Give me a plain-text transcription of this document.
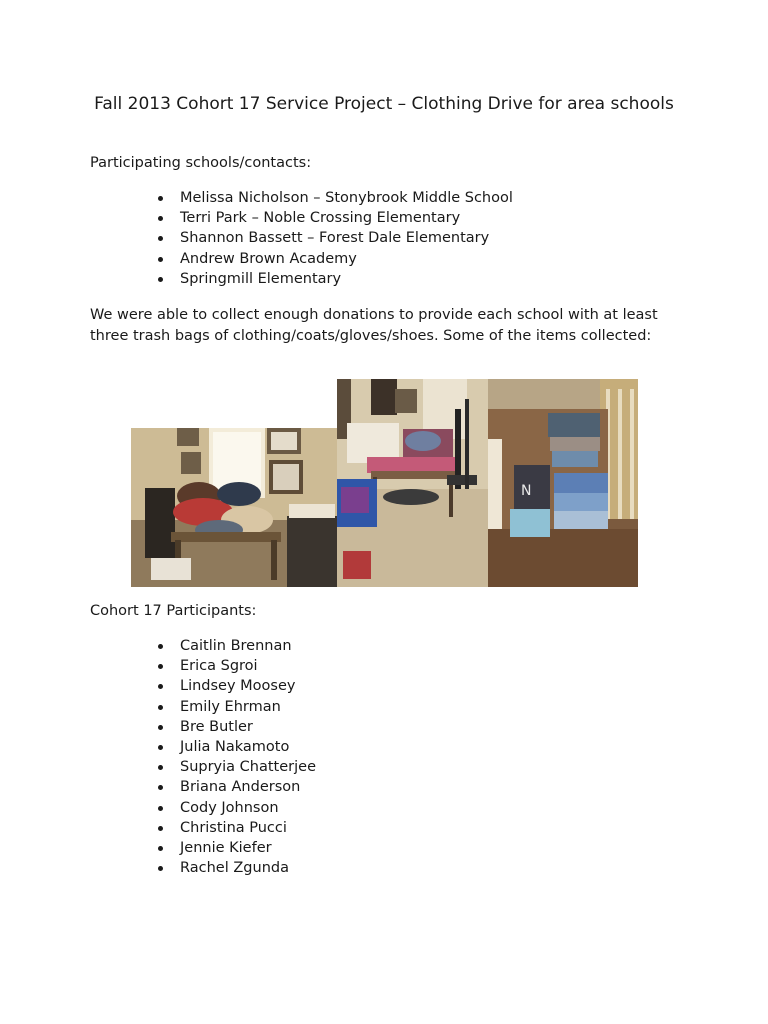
Fall 2013 Cohort 17 Service Project – Clothing Drive for area schools

Participating schools/contacts:

Melissa Nicholson – Stonybrook Middle School
Terri Park – Noble Crossing Elementary
Shannon Bassett – Forest Dale Elementary
Andrew Brown Academy
Springmill Elementary

We were able to collect enough donations to provide each school with at least three trash bags of clothing/coats/gloves/shoes. Some of the items collected:

N

Cohort 17 Participants:

Caitlin Brennan
Erica Sgroi
Lindsey Moosey
Emily Ehrman
Bre Butler
Julia Nakamoto
Supryia Chatterjee
Briana Anderson
Cody Johnson
Christina Pucci
Jennie Kiefer
Rachel Zgunda
